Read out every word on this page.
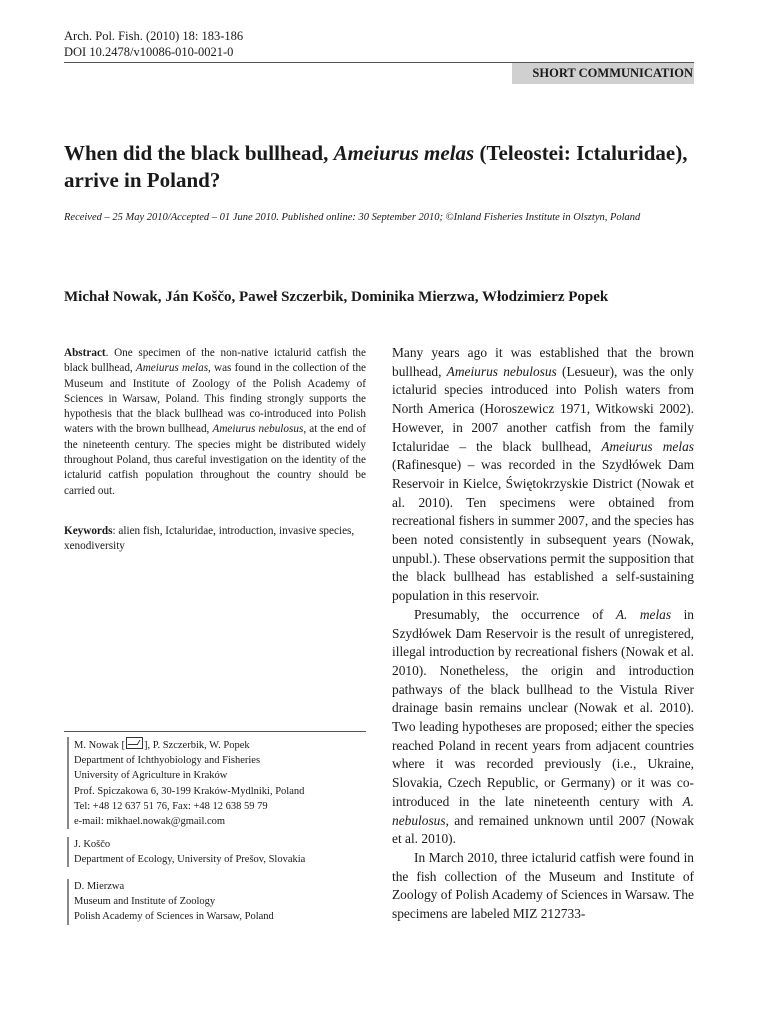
Arch. Pol. Fish. (2010) 18: 183-186
DOI 10.2478/v10086-010-0021-0
SHORT COMMUNICATION
When did the black bullhead, Ameiurus melas (Teleostei: Ictaluridae), arrive in Poland?
Received – 25 May 2010/Accepted – 01 June 2010. Published online: 30 September 2010; ©Inland Fisheries Institute in Olsztyn, Poland
Michał Nowak, Ján Koščo, Paweł Szczerbik, Dominika Mierzwa, Włodzimierz Popek
Abstract. One specimen of the non-native ictalurid catfish the black bullhead, Ameiurus melas, was found in the collection of the Museum and Institute of Zoology of the Polish Academy of Sciences in Warsaw, Poland. This finding strongly supports the hypothesis that the black bullhead was co-introduced into Polish waters with the brown bullhead, Ameiurus nebulosus, at the end of the nineteenth century. The species might be distributed widely throughout Poland, thus careful investigation on the identity of the ictalurid catfish population throughout the country should be carried out.
Keywords: alien fish, Ictaluridae, introduction, invasive species, xenodiversity
M. Nowak [ ], P. Szczerbik, W. Popek
Department of Ichthyobiology and Fisheries
University of Agriculture in Kraków
Prof. Spiczakowa 6, 30-199 Kraków-Mydlniki, Poland
Tel: +48 12 637 51 76, Fax: +48 12 638 59 79
e-mail: mikhael.nowak@gmail.com
J. Koščo
Department of Ecology, University of Prešov, Slovakia
D. Mierzwa
Museum and Institute of Zoology
Polish Academy of Sciences in Warsaw, Poland

Many years ago it was established that the brown bullhead, Ameiurus nebulosus (Lesueur), was the only ictalurid species introduced into Polish waters from North America (Horoszewicz 1971, Witkowski 2002). However, in 2007 another catfish from the family Ictaluridae – the black bullhead, Ameiurus melas (Rafinesque) – was recorded in the Szydłówek Dam Reservoir in Kielce, Świętokrzyskie District (Nowak et al. 2010). Ten specimens were obtained from recreational fishers in summer 2007, and the species has been noted consistently in subsequent years (Nowak, unpubl.). These observations permit the supposition that the black bullhead has established a self-sustaining population in this reservoir.

Presumably, the occurrence of A. melas in Szydłówek Dam Reservoir is the result of unregistered, illegal introduction by recreational fishers (Nowak et al. 2010). Nonetheless, the origin and introduction pathways of the black bullhead to the Vistula River drainage basin remains unclear (Nowak et al. 2010). Two leading hypotheses are proposed; either the species reached Poland in recent years from adjacent countries where it was recorded previously (i.e., Ukraine, Slovakia, Czech Republic, or Germany) or it was co-introduced in the late nineteenth century with A. nebulosus, and remained unknown until 2007 (Nowak et al. 2010).

In March 2010, three ictalurid catfish were found in the fish collection of the Museum and Institute of Zoology of Polish Academy of Sciences in Warsaw. The specimens are labeled MIZ 212733-
